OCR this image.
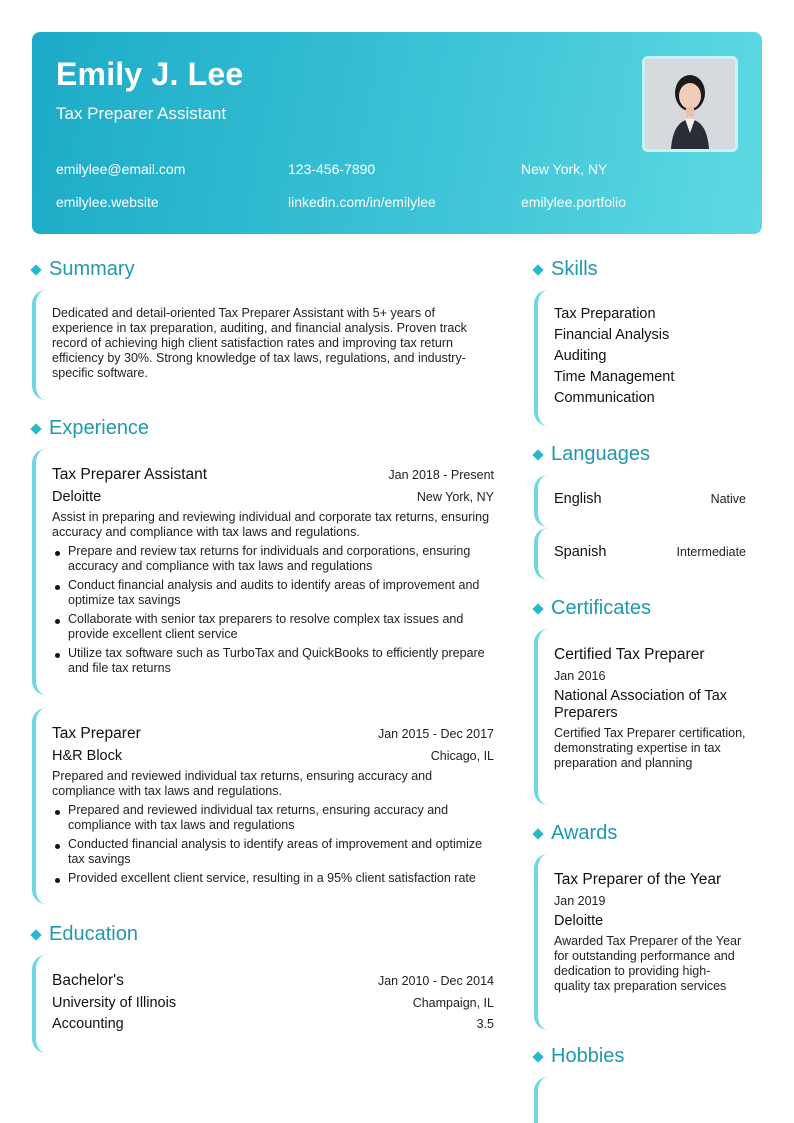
Emily J. Lee
Tax Preparer Assistant
emilylee@email.com	123-456-7890	New York, NY
emilylee.website	linkedin.com/in/emilylee	emilylee.portfolio
Summary
Dedicated and detail-oriented Tax Preparer Assistant with 5+ years of experience in tax preparation, auditing, and financial analysis. Proven track record of achieving high client satisfaction rates and improving tax return efficiency by 30%. Strong knowledge of tax laws, regulations, and industry-specific software.
Experience
Tax Preparer Assistant	Jan 2018 - Present
Deloitte	New York, NY
Assist in preparing and reviewing individual and corporate tax returns, ensuring accuracy and compliance with tax laws and regulations.
Prepare and review tax returns for individuals and corporations, ensuring accuracy and compliance with tax laws and regulations
Conduct financial analysis and audits to identify areas of improvement and optimize tax savings
Collaborate with senior tax preparers to resolve complex tax issues and provide excellent client service
Utilize tax software such as TurboTax and QuickBooks to efficiently prepare and file tax returns
Tax Preparer	Jan 2015 - Dec 2017
H&R Block	Chicago, IL
Prepared and reviewed individual tax returns, ensuring accuracy and compliance with tax laws and regulations.
Prepared and reviewed individual tax returns, ensuring accuracy and compliance with tax laws and regulations
Conducted financial analysis to identify areas of improvement and optimize tax savings
Provided excellent client service, resulting in a 95% client satisfaction rate
Education
Bachelor's	Jan 2010 - Dec 2014
University of Illinois	Champaign, IL
Accounting	3.5
Skills
Tax Preparation
Financial Analysis
Auditing
Time Management
Communication
Languages
English	Native
Spanish	Intermediate
Certificates
Certified Tax Preparer
Jan 2016
National Association of Tax Preparers
Certified Tax Preparer certification, demonstrating expertise in tax preparation and planning
Awards
Tax Preparer of the Year
Jan 2019
Deloitte
Awarded Tax Preparer of the Year for outstanding performance and dedication to providing high-quality tax preparation services
Hobbies
